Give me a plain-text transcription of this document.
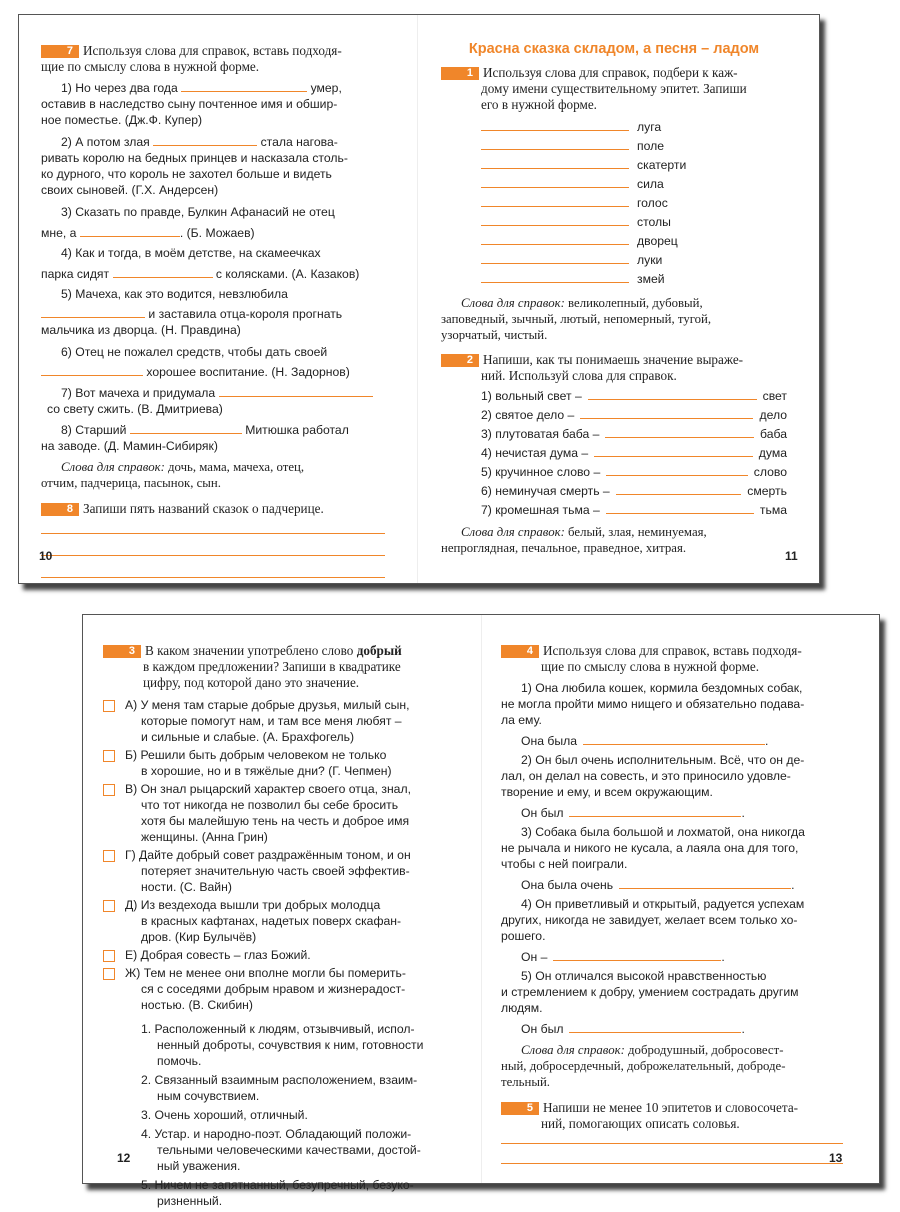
7 Используя слова для справок, вставь подходя-
щие по смыслу слова в нужной форме.

1) Но через два года	умер,

оставив в наследство сыну почтенное имя и обшир-

ное поместье. (Дж.Ф. Купер)

2) А потом злая	стала нагова-

ривать королю на бедных принцев и насказала столь-

ко дурного, что король не захотел больше и видеть

своих сыновей. (Г.Х. Андерсен)

3) Сказать по правде, Булкин Афанасий не отец

мне, а	. (Б. Можаев)

4) Как и тогда, в моём детстве, на скамеечках

парка сидят	с колясками. (А. Казаков)

5) Мачеха, как это водится, невзлюбила

и заставила отца-короля прогнать

мальчика из дворца. (Н. Правдина)

6) Отец не пожалел средств, чтобы дать своей

хорошее воспитание. (Н. Задорнов)

7) Вот мачеха и придумала

со свету сжить. (В. Дмитриева)

8) Старший	Митюшка работал

на заводе. (Д. Мамин-Сибиряк)

Слова для справок: дочь, мама, мачеха, отец,
отчим, падчерица, пасынок, сын.
8 Запиши пять названий сказок о падчерице.
10
Красна сказка складом, а песня – ладом
1 Используя слова для справок, подбери к каж-
дому имени существительному эпитет. Запиши
его в нужной форме.
луга
поле
скатерти
сила
голос
столы
дворец
луки
змей
Слова для справок: великолепный, дубовый,
заповедный, зычный, лютый, непомерный, тугой,
узорчатый, чистый.
2 Напиши, как ты понимаешь значение выраже-
ний. Используй слова для справок.
1) вольный свет –	свет
2) святое дело –	дело
3) плутоватая баба –	баба
4) нечистая дума –	дума
5) кручинное слово –	слово
6) неминучая смерть –	смерть
7) кромешная тьма –	тьма
Слова для справок: белый, злая, неминуемая,
непроглядная, печальное, праведное, хитрая.
11
3 В каком значении употреблено слово добрый
в каждом предложении? Запиши в квадратике
цифру, под которой дано это значение.

А) У меня там старые добрые друзья, милый сын,

которые помогут нам, и там все меня любят –

и сильные и слабые. (А. Брахфогель)

Б) Решили быть добрым человеком не только

в хорошие, но и в тяжёлые дни? (Г. Чепмен)

В) Он знал рыцарский характер своего отца, знал,

что тот никогда не позволил бы себе бросить

хотя бы малейшую тень на честь и доброе имя

женщины. (Анна Грин)

Г) Дайте добрый совет раздражённым тоном, и он

потеряет значительную часть своей эффектив-

ности. (С. Вайн)

Д) Из вездехода вышли три добрых молодца

в красных кафтанах, надетых поверх скафан-

дров. (Кир Булычёв)

Е) Добрая совесть – глаз Божий.

Ж) Тем не менее они вполне могли бы померить-

ся с соседями добрым нравом и жизнерадост-

ностью. (В. Скибин)

1. Расположенный к людям, отзывчивый, испол-

ненный доброты, сочувствия к ним, готовности

помочь.

2. Связанный взаимным расположением, взаим-

ным сочувствием.

3. Очень хороший, отличный.

4. Устар. и народно-поэт. Обладающий положи-

тельными человеческими качествами, достой-

ный уважения.

5. Ничем не запятнанный, безупречный, безуко-

ризненный.

12
4 Используя слова для справок, вставь подходя-
щие по смыслу слова в нужной форме.

1) Она любила кошек, кормила бездомных собак,

не могла пройти мимо нищего и обязательно подава-

ла ему.

Она была	.

2) Он был очень исполнительным. Всё, что он де-

лал, он делал на совесть, и это приносило удовле-

творение и ему, и всем окружающим.

Он был	.

3) Собака была большой и лохматой, она никогда

не рычала и никого не кусала, а лаяла она для того,

чтобы с ней поиграли.

Она была очень	.

4) Он приветливый и открытый, радуется успехам

других, никогда не завидует, желает всем только хо-

рошего.

Он –	.

5) Он отличался высокой нравственностью

и стремлением к добру, умением сострадать другим

людям.

Он был	.

Слова для справок: добродушный, добросовест-
ный, добросердечный, доброжелательный, доброде-
тельный.
5 Напиши не менее 10 эпитетов и словосочета-
ний, помогающих описать соловья.
13
